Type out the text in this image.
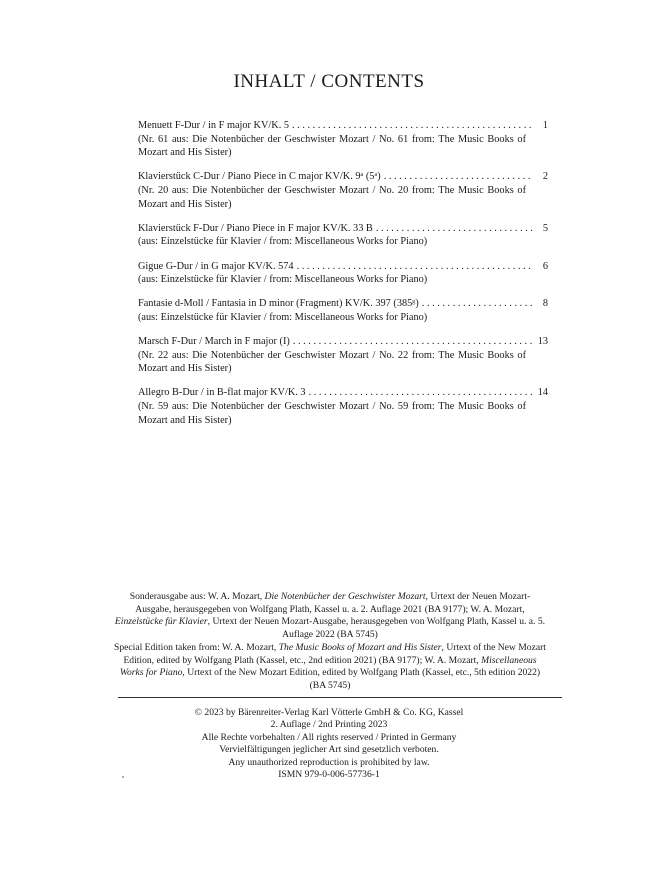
INHALT / CONTENTS
Menuett F-Dur / in F major KV/K. 5 . . .	1
(Nr. 61 aus: Die Notenbücher der Geschwister Mozart / No. 61 from: The Music Books of Mozart and His Sister)
Klavierstück C-Dur / Piano Piece in C major KV/K. 9ᵃ (5ᵃ) . . .	2
(Nr. 20 aus: Die Notenbücher der Geschwister Mozart / No. 20 from: The Music Books of Mozart and His Sister)
Klavierstück F-Dur / Piano Piece in F major KV/K. 33 B . . .	5
(aus: Einzelstücke für Klavier / from: Miscellaneous Works for Piano)
Gigue G-Dur / in G major KV/K. 574 . . .	6
(aus: Einzelstücke für Klavier / from: Miscellaneous Works for Piano)
Fantasie d-Moll / Fantasia in D minor (Fragment) KV/K. 397 (385ᵍ) . . .	8
(aus: Einzelstücke für Klavier / from: Miscellaneous Works for Piano)
Marsch F-Dur / March in F major (I) . . .	13
(Nr. 22 aus: Die Notenbücher der Geschwister Mozart / No. 22 from: The Music Books of Mozart and His Sister)
Allegro B-Dur / in B-flat major KV/K. 3 . . .	14
(Nr. 59 aus: Die Notenbücher der Geschwister Mozart / No. 59 from: The Music Books of Mozart and His Sister)
Sonderausgabe aus: W. A. Mozart, Die Notenbücher der Geschwister Mozart, Urtext der Neuen Mozart-Ausgabe, herausgegeben von Wolfgang Plath, Kassel u. a. 2. Auflage 2021 (BA 9177); W. A. Mozart, Einzelstücke für Klavier, Urtext der Neuen Mozart-Ausgabe, herausgegeben von Wolfgang Plath, Kassel u. a. 5. Auflage 2022 (BA 5745)
Special Edition taken from: W. A. Mozart, The Music Books of Mozart and His Sister, Urtext of the New Mozart Edition, edited by Wolfgang Plath (Kassel, etc., 2nd edition 2021) (BA 9177); W. A. Mozart, Miscellaneous Works for Piano, Urtext of the New Mozart Edition, edited by Wolfgang Plath (Kassel, etc., 5th edition 2022) (BA 5745)
© 2023 by Bärenreiter-Verlag Karl Vötterle GmbH & Co. KG, Kassel
2. Auflage / 2nd Printing 2023
Alle Rechte vorbehalten / All rights reserved / Printed in Germany
Vervielfältigungen jeglicher Art sind gesetzlich verboten.
Any unauthorized reproduction is prohibited by law.
ISMN 979-0-006-57736-1
